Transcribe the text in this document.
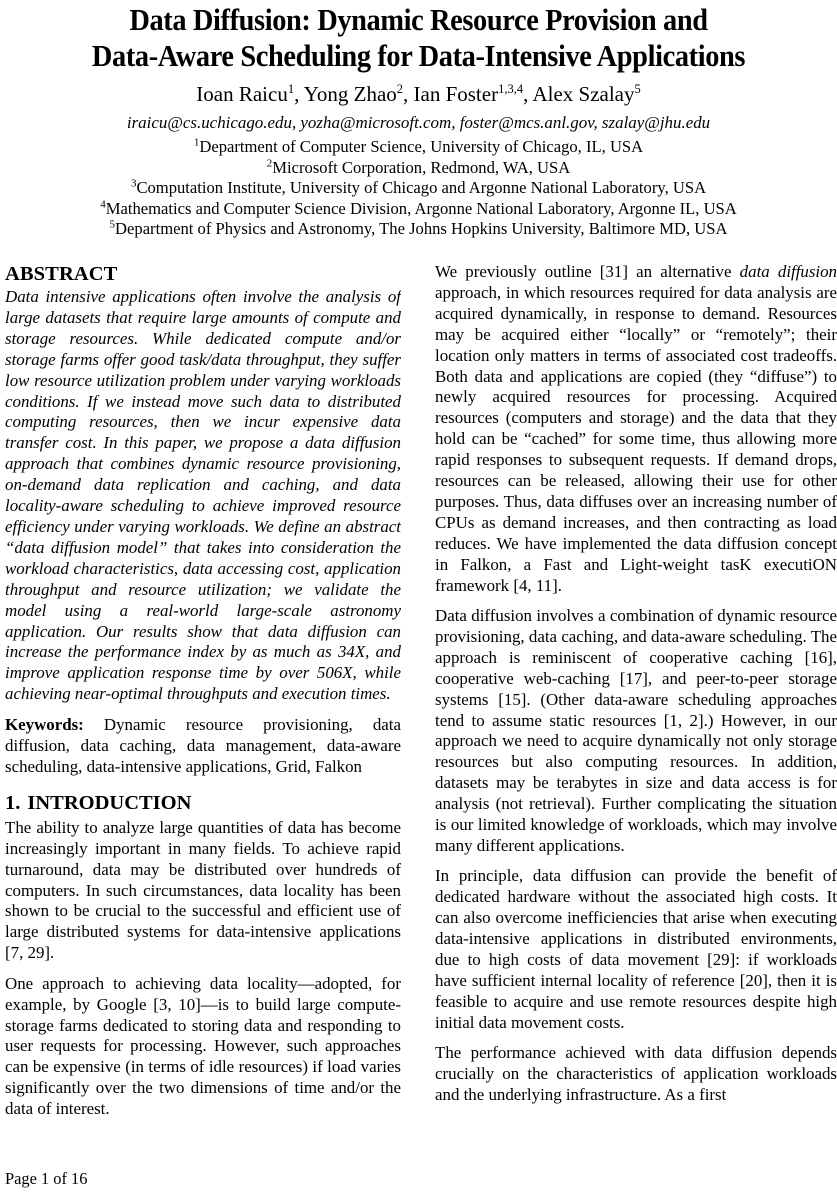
Data Diffusion: Dynamic Resource Provision and
Data-Aware Scheduling for Data-Intensive Applications
Ioan Raicu$^1$, Yong Zhao$^2$, Ian Foster$^{1,3,4}$, Alex Szalay$^5$
iraicu@cs.uchicago.edu, yozha@microsoft.com, foster@mcs.anl.gov, szalay@jhu.edu
$^1$Department of Computer Science, University of Chicago, IL, USA
$^2$Microsoft Corporation, Redmond, WA, USA
$^3$Computation Institute, University of Chicago and Argonne National Laboratory, USA
$^4$Mathematics and Computer Science Division, Argonne National Laboratory, Argonne IL, USA
$^5$Department of Physics and Astronomy, The Johns Hopkins University, Baltimore MD, USA
ABSTRACT

Data intensive applications often involve the analysis of large datasets that require large amounts of compute and storage resources. While dedicated compute and/or storage farms offer good task/data throughput, they suffer low resource utilization problem under varying workloads conditions. If we instead move such data to distributed computing resources, then we incur expensive data transfer cost. In this paper, we propose a data diffusion approach that combines dynamic resource provisioning, on-demand data replication and caching, and data locality-aware scheduling to achieve improved resource efficiency under varying workloads. We define an abstract “data diffusion model” that takes into consideration the workload characteristics, data accessing cost, application throughput and resource utilization; we validate the model using a real-world large-scale astronomy application. Our results show that data diffusion can increase the performance index by as much as 34X, and improve application response time by over 506X, while achieving near-optimal throughputs and execution times.

Keywords: Dynamic resource provisioning, data diffusion, data caching, data management, data-aware scheduling, data-intensive applications, Grid, Falkon

1. INTRODUCTION

The ability to analyze large quantities of data has become increasingly important in many fields. To achieve rapid turnaround, data may be distributed over hundreds of computers. In such circumstances, data locality has been shown to be crucial to the successful and efficient use of large distributed systems for data-intensive applications [7, 29].

One approach to achieving data locality—adopted, for example, by Google [3, 10]—is to build large compute-storage farms dedicated to storing data and responding to user requests for processing. However, such approaches can be expensive (in terms of idle resources) if load varies significantly over the two dimensions of time and/or the data of interest.

We previously outline [31] an alternative data diffusion approach, in which resources required for data analysis are acquired dynamically, in response to demand. Resources may be acquired either “locally” or “remotely”; their location only matters in terms of associated cost tradeoffs. Both data and applications are copied (they “diffuse”) to newly acquired resources for processing. Acquired resources (computers and storage) and the data that they hold can be “cached” for some time, thus allowing more rapid responses to subsequent requests. If demand drops, resources can be released, allowing their use for other purposes. Thus, data diffuses over an increasing number of CPUs as demand increases, and then contracting as load reduces. We have implemented the data diffusion concept in Falkon, a Fast and Light-weight tasK executiON framework [4, 11].

Data diffusion involves a combination of dynamic resource provisioning, data caching, and data-aware scheduling. The approach is reminiscent of cooperative caching [16], cooperative web-caching [17], and peer-to-peer storage systems [15]. (Other data-aware scheduling approaches tend to assume static resources [1, 2].) However, in our approach we need to acquire dynamically not only storage resources but also computing resources. In addition, datasets may be terabytes in size and data access is for analysis (not retrieval). Further complicating the situation is our limited knowledge of workloads, which may involve many different applications.

In principle, data diffusion can provide the benefit of dedicated hardware without the associated high costs. It can also overcome inefficiencies that arise when executing data-intensive applications in distributed environments, due to high costs of data movement [29]: if workloads have sufficient internal locality of reference [20], then it is feasible to acquire and use remote resources despite high initial data movement costs.

The performance achieved with data diffusion depends crucially on the characteristics of application workloads and the underlying infrastructure. As a first

Page 1 of 16
